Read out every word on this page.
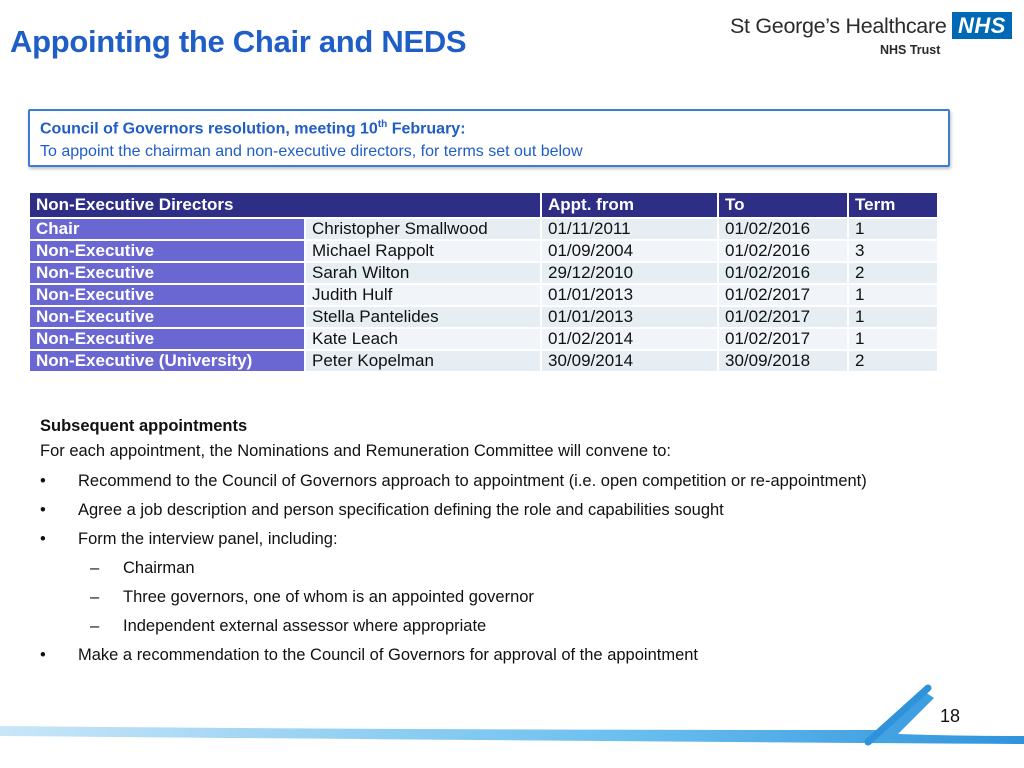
Appointing the Chair and NEDS	St George’s Healthcare NHS
NHS Trust
Council of Governors resolution, meeting 10th February:
To appoint the chairman and non-executive directors, for terms set out below
Non-Executive Directors		Appt. from	To	Term
Chair	Christopher Smallwood	01/11/2011	01/02/2016	1
Non-Executive	Michael Rappolt	01/09/2004	01/02/2016	3
Non-Executive	Sarah Wilton	29/12/2010	01/02/2016	2
Non-Executive	Judith Hulf	01/01/2013	01/02/2017	1
Non-Executive	Stella Pantelides	01/01/2013	01/02/2017	1
Non-Executive	Kate Leach	01/02/2014	01/02/2017	1
Non-Executive (University)	Peter Kopelman	30/09/2014	30/09/2018	2
Subsequent appointments
For each appointment, the Nominations and Remuneration Committee will convene to:
• Recommend to the Council of Governors approach to appointment (i.e. open competition or re-appointment)
• Agree a job description and person specification defining the role and capabilities sought
• Form the interview panel, including:
– Chairman
– Three governors, one of whom is an appointed governor
– Independent external assessor where appropriate
• Make a recommendation to the Council of Governors for approval of the appointment
18
